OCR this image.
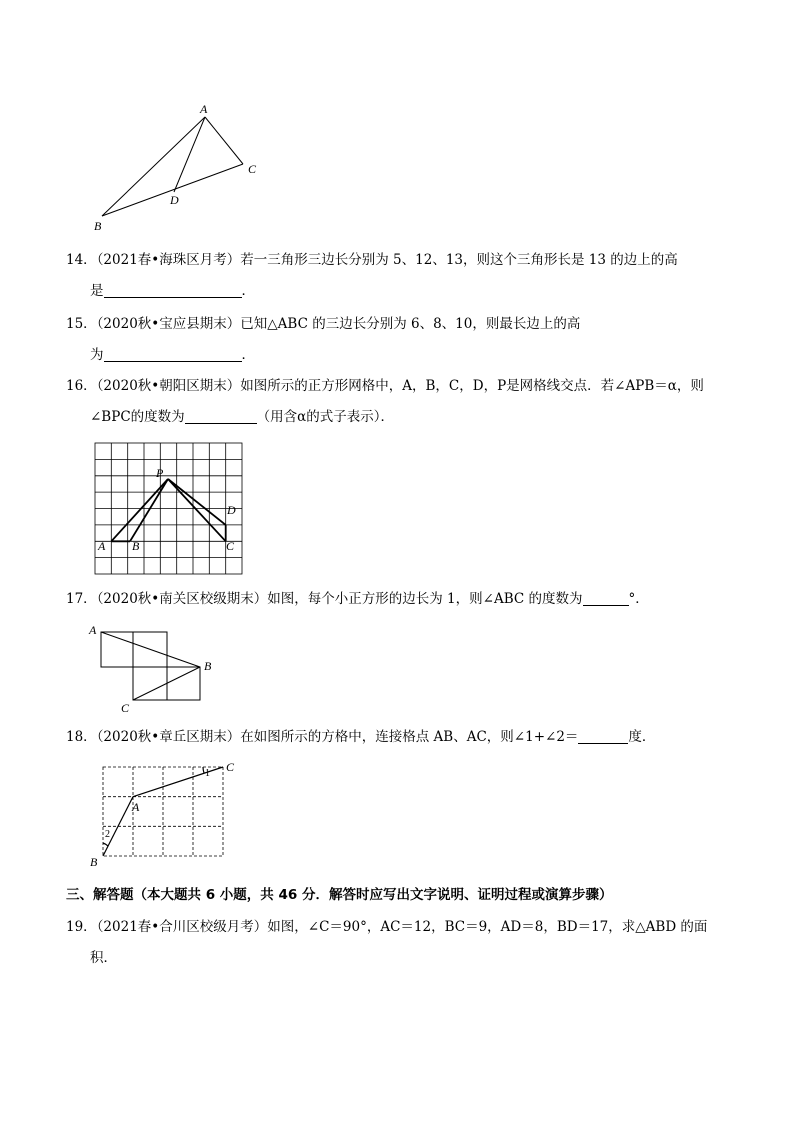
A
B
C
D
14．（2021春•海珠区月考）若一三角形三边长分别为 5、12、13，则这个三角形长是 13 的边上的高
是	．
15．（2020秋•宝应县期末）已知△ABC 的三边长分别为 6、8、10，则最长边上的高
为	．
16．（2020秋•朝阳区期末）如图所示的正方形网格中，A，B，C，D，P是网格线交点．若∠APB＝α，则
∠BPC的度数为	（用含α的式子表示）．
P
A B	C
D
17．（2020秋•南关区校级期末）如图，每个小正方形的边长为 1，则∠ABC 的度数为	°．
A
B
C
18．（2020秋•章丘区期末）在如图所示的方格中，连接格点 AB、AC，则∠1+∠2＝	度．
A
B
C
1
2
三、解答题（本大题共 6 小题，共 46 分．解答时应写出文字说明、证明过程或演算步骤）
19．（2021春•合川区校级月考）如图，∠C＝90°，AC＝12，BC＝9，AD＝8，BD＝17，求△ABD 的面
积．
